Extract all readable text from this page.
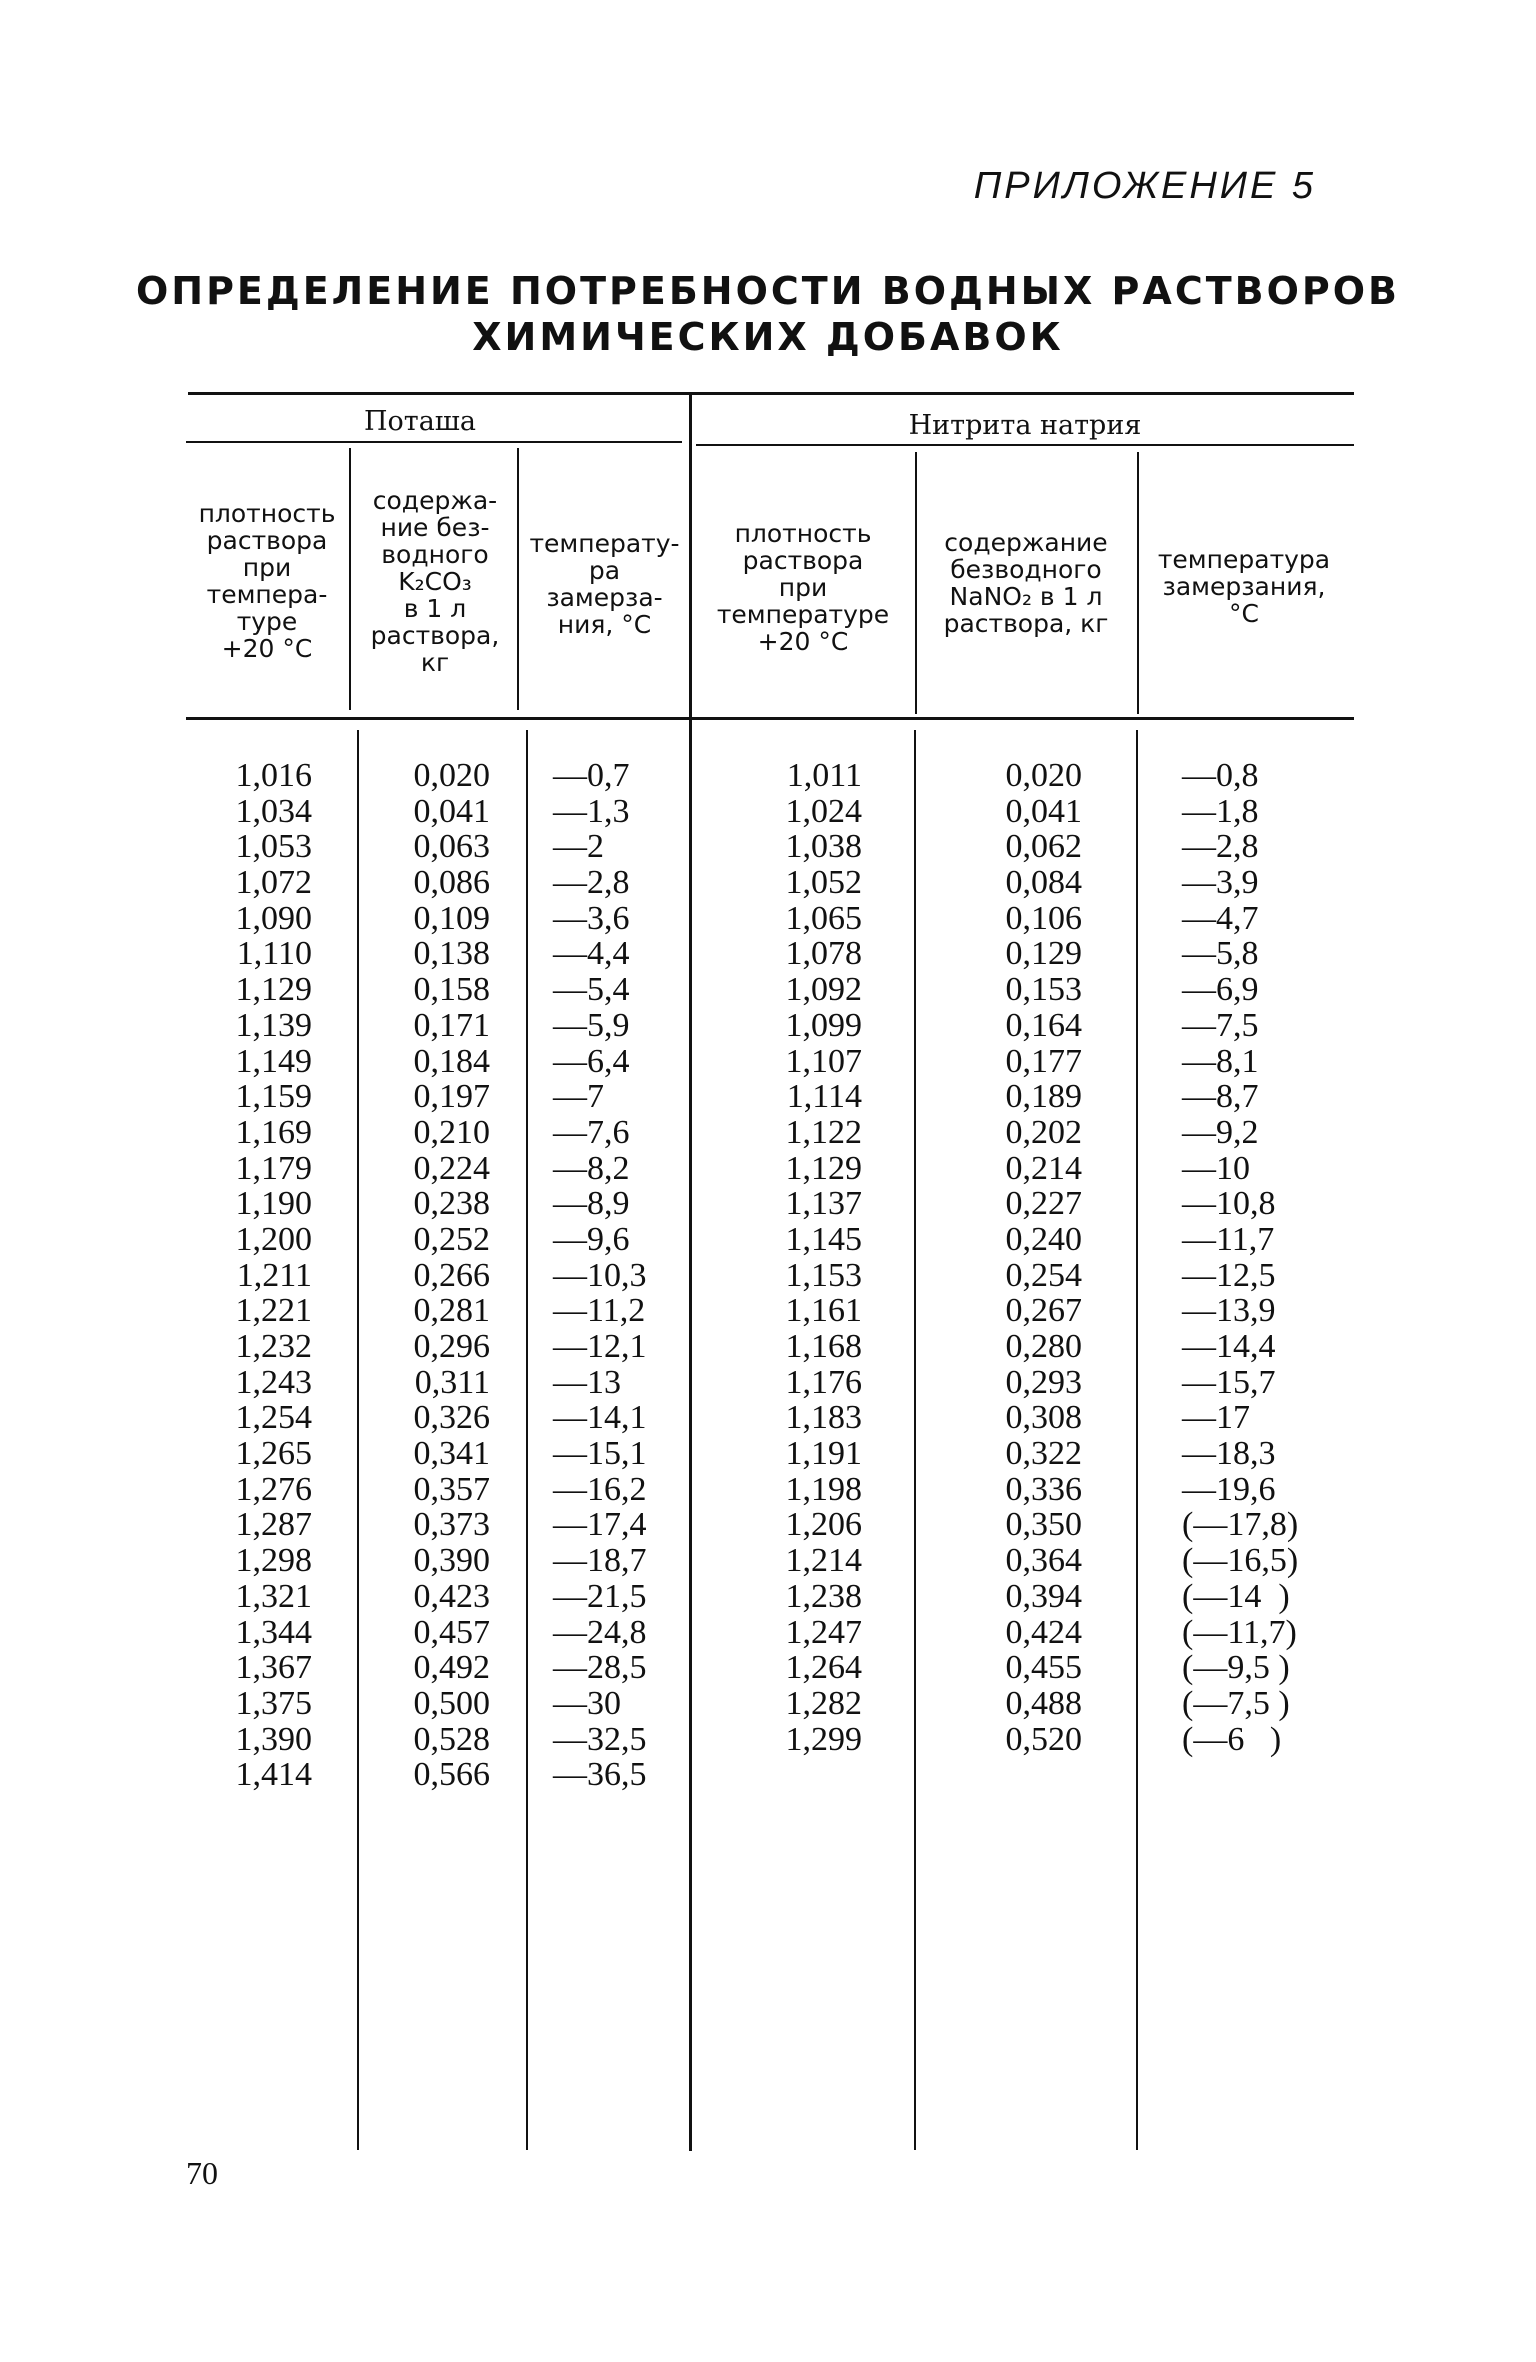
ПРИЛОЖЕНИЕ 5
ОПРЕДЕЛЕНИЕ ПОТРЕБНОСТИ ВОДНЫХ РАСТВОРОВ
ХИМИЧЕСКИХ ДОБАВОК
Поташа	Нитрита натрия
плотность
раствора
при
темпера-
туре
+20 °С
содержа-
ние без-
водного
K₂CO₃
в 1 л
раствора,
кг
температу-
ра
замерза-
ния, °С
плотность
раствора
при
температуре
+20 °С
содержание
безводного
NaNO₂ в 1 л
раствора, кг
температура
замерзания,
°С
1,016
1,034
1,053
1,072
1,090
1,110
1,129
1,139
1,149
1,159
1,169
1,179
1,190
1,200
1,211
1,221
1,232
1,243
1,254
1,265
1,276
1,287
1,298
1,321
1,344
1,367
1,375
1,390
1,414
0,020
0,041
0,063
0,086
0,109
0,138
0,158
0,171
0,184
0,197
0,210
0,224
0,238
0,252
0,266
0,281
0,296
0,311
0,326
0,341
0,357
0,373
0,390
0,423
0,457
0,492
0,500
0,528
0,566
—0,7
—1,3
—2
—2,8
—3,6
—4,4
—5,4
—5,9
—6,4
—7
—7,6
—8,2
—8,9
—9,6
—10,3
—11,2
—12,1
—13
—14,1
—15,1
—16,2
—17,4
—18,7
—21,5
—24,8
—28,5
—30
—32,5
—36,5
1,011
1,024
1,038
1,052
1,065
1,078
1,092
1,099
1,107
1,114
1,122
1,129
1,137
1,145
1,153
1,161
1,168
1,176
1,183
1,191
1,198
1,206
1,214
1,238
1,247
1,264
1,282
1,299
0,020
0,041
0,062
0,084
0,106
0,129
0,153
0,164
0,177
0,189
0,202
0,214
0,227
0,240
0,254
0,267
0,280
0,293
0,308
0,322
0,336
0,350
0,364
0,394
0,424
0,455
0,488
0,520
—0,8
—1,8
—2,8
—3,9
—4,7
—5,8
—6,9
—7,5
—8,1
—8,7
—9,2
—10
—10,8
—11,7
—12,5
—13,9
—14,4
—15,7
—17
—18,3
—19,6
(—17,8)
(—16,5)
(—14  )
(—11,7)
(—9,5 )
(—7,5 )
(—6   )
70
